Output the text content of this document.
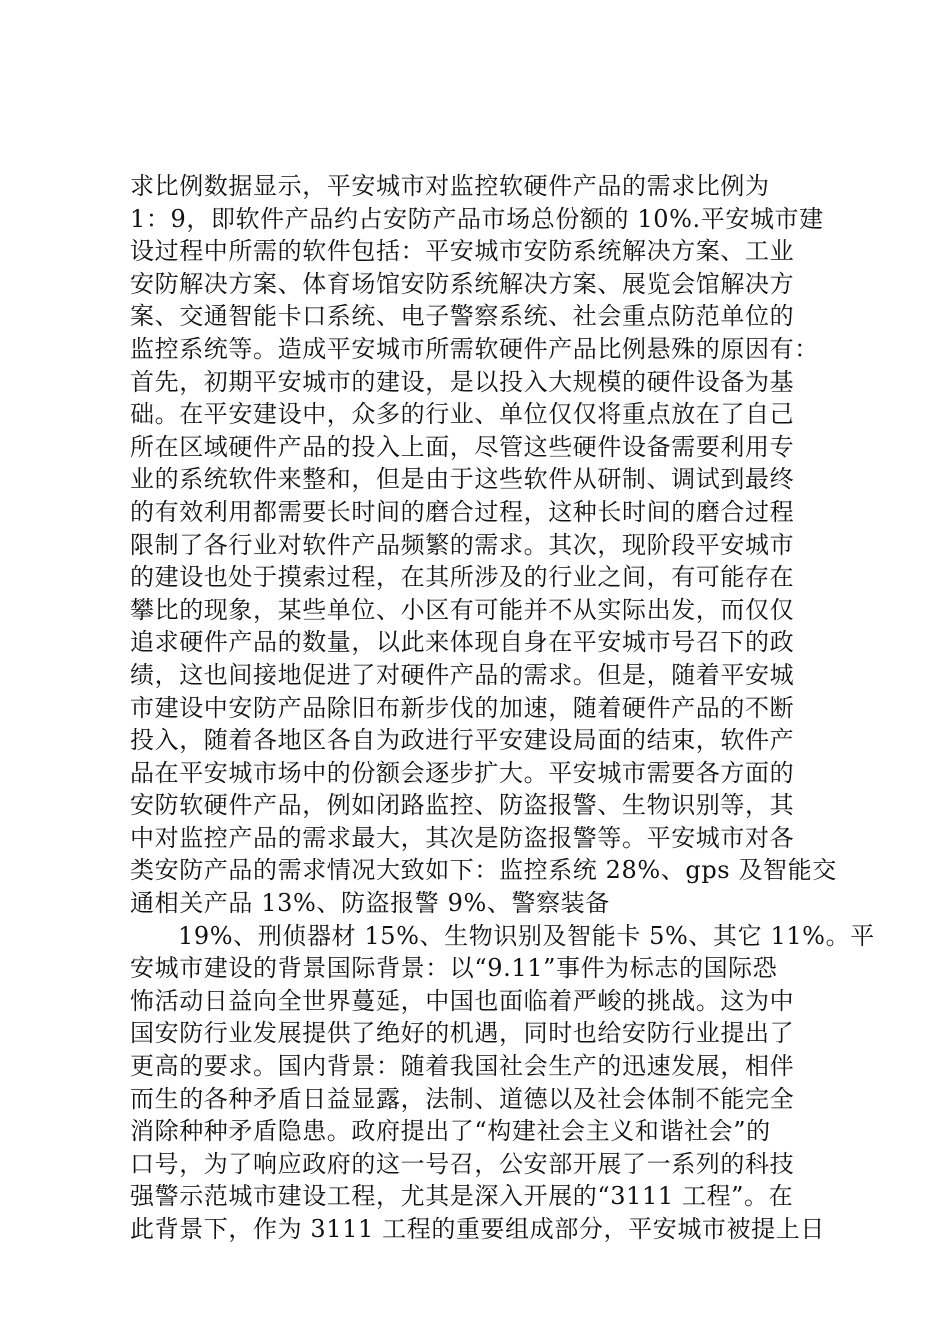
求比例数据显示，平安城市对监控软硬件产品的需求比例为
1：9，即软件产品约占安防产品市场总份额的 10%.平安城市建
设过程中所需的软件包括：平安城市安防系统解决方案、工业
安防解决方案、体育场馆安防系统解决方案、展览会馆解决方
案、交通智能卡口系统、电子警察系统、社会重点防范单位的
监控系统等。造成平安城市所需软硬件产品比例悬殊的原因有：
首先，初期平安城市的建设，是以投入大规模的硬件设备为基
础。在平安建设中，众多的行业、单位仅仅将重点放在了自己
所在区域硬件产品的投入上面，尽管这些硬件设备需要利用专
业的系统软件来整和，但是由于这些软件从研制、调试到最终
的有效利用都需要长时间的磨合过程，这种长时间的磨合过程
限制了各行业对软件产品频繁的需求。其次，现阶段平安城市
的建设也处于摸索过程，在其所涉及的行业之间，有可能存在
攀比的现象，某些单位、小区有可能并不从实际出发，而仅仅
追求硬件产品的数量，以此来体现自身在平安城市号召下的政
绩，这也间接地促进了对硬件产品的需求。但是，随着平安城
市建设中安防产品除旧布新步伐的加速，随着硬件产品的不断
投入，随着各地区各自为政进行平安建设局面的结束，软件产
品在平安城市场中的份额会逐步扩大。平安城市需要各方面的
安防软硬件产品，例如闭路监控、防盗报警、生物识别等，其
中对监控产品的需求最大，其次是防盗报警等。平安城市对各
类安防产品的需求情况大致如下：监控系统 28%、gps 及智能交
通相关产品 13%、防盗报警 9%、警察装备
19%、刑侦器材 15%、生物识别及智能卡 5%、其它 11%。平
安城市建设的背景国际背景：以“9.11”事件为标志的国际恐
怖活动日益向全世界蔓延，中国也面临着严峻的挑战。这为中
国安防行业发展提供了绝好的机遇，同时也给安防行业提出了
更高的要求。国内背景：随着我国社会生产的迅速发展，相伴
而生的各种矛盾日益显露，法制、道德以及社会体制不能完全
消除种种矛盾隐患。政府提出了“构建社会主义和谐社会”的
口号，为了响应政府的这一号召，公安部开展了一系列的科技
强警示范城市建设工程，尤其是深入开展的“3111 工程”。在
此背景下，作为 3111 工程的重要组成部分，平安城市被提上日
